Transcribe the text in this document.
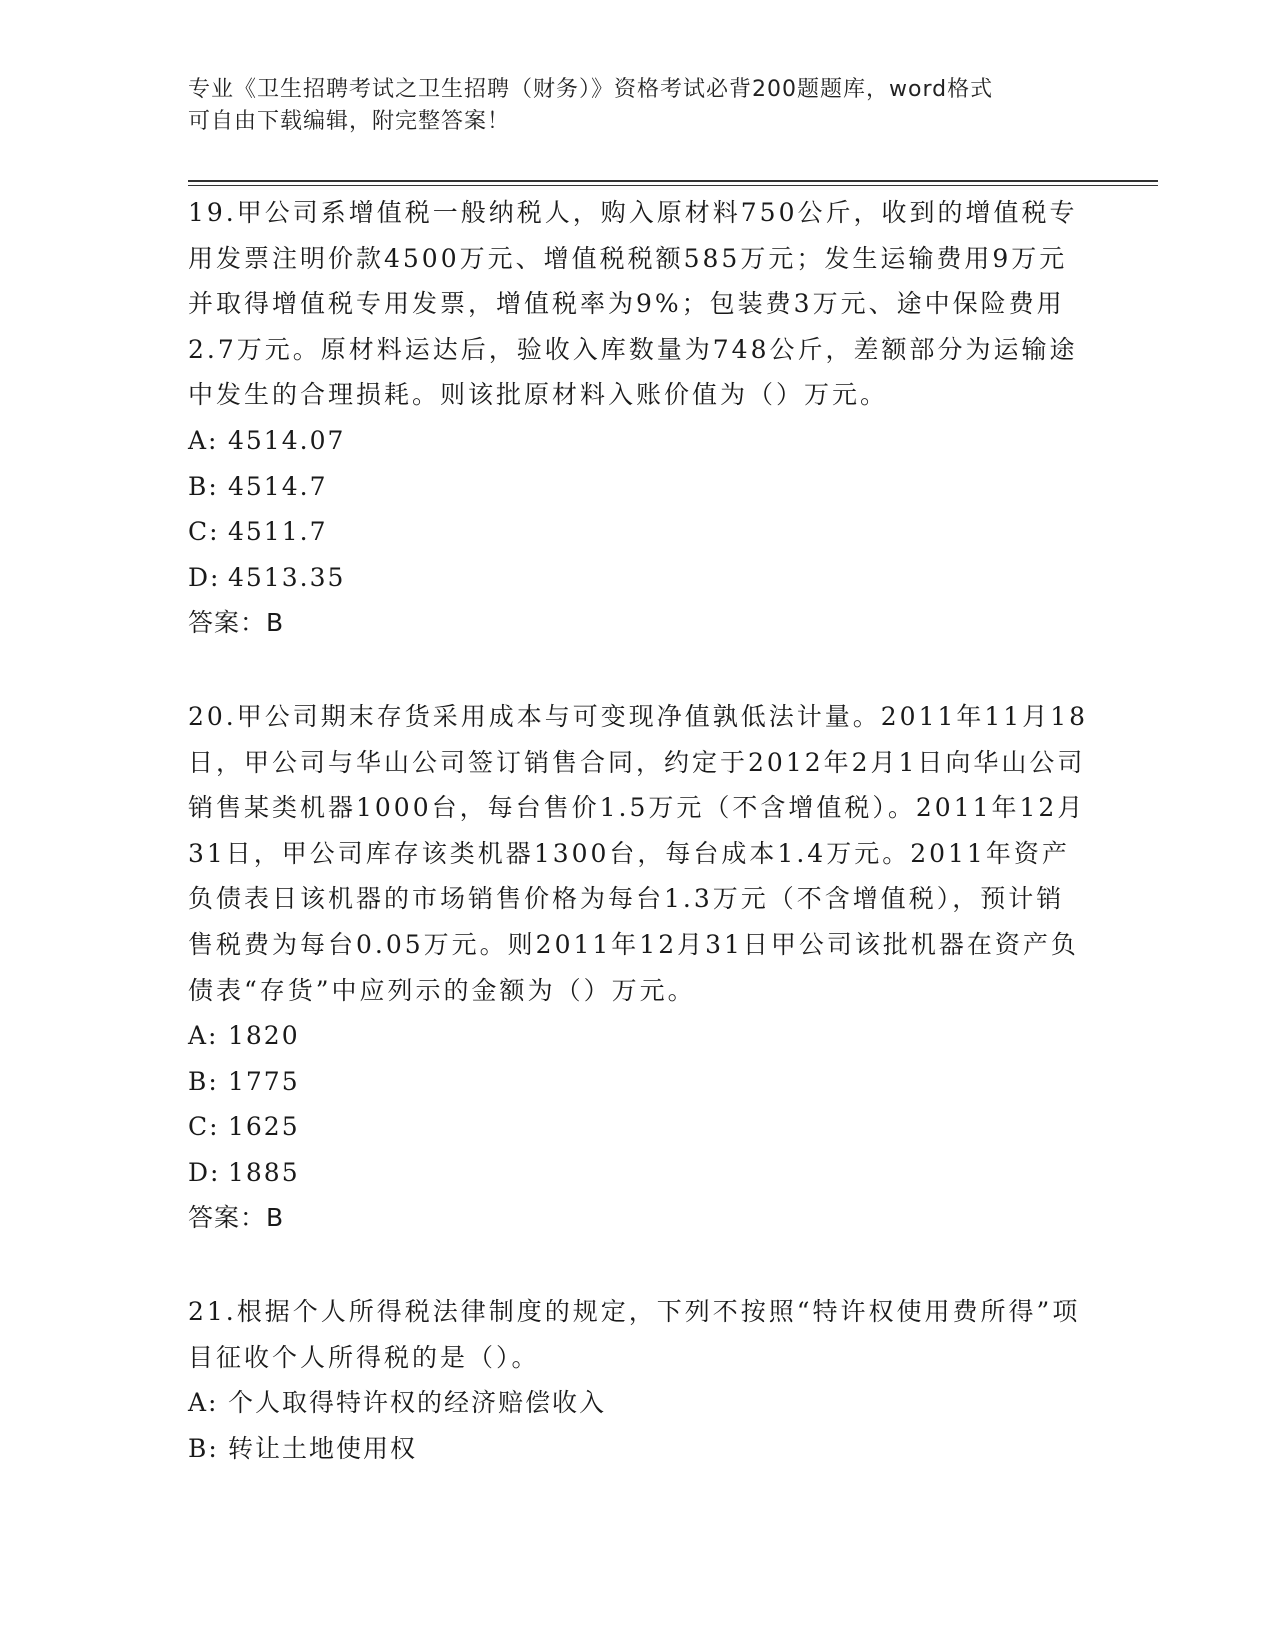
专业《卫生招聘考试之卫生招聘（财务）》资格考试必背200题题库，word格式
可自由下载编辑，附完整答案！

19.甲公司系增值税一般纳税人，购入原材料750公斤，收到的增值税专用发票注明价款4500万元、增值税税额585万元；发生运输费用9万元并取得增值税专用发票，增值税率为9%；包装费3万元、途中保险费用2.7万元。原材料运达后，验收入库数量为748公斤，差额部分为运输途中发生的合理损耗。则该批原材料入账价值为（）万元。

A: 4514.07

B: 4514.7

C: 4511.7

D: 4513.35

答案：B

20.甲公司期末存货采用成本与可变现净值孰低法计量。2011年11月18日，甲公司与华山公司签订销售合同，约定于2012年2月1日向华山公司销售某类机器1000台，每台售价1.5万元（不含增值税）。2011年12月31日，甲公司库存该类机器1300台，每台成本1.4万元。2011年资产负债表日该机器的市场销售价格为每台1.3万元（不含增值税），预计销售税费为每台0.05万元。则2011年12月31日甲公司该批机器在资产负债表“存货”中应列示的金额为（）万元。

A: 1820

B: 1775

C: 1625

D: 1885

答案：B

21.根据个人所得税法律制度的规定，下列不按照“特许权使用费所得”项目征收个人所得税的是（）。

A: 个人取得特许权的经济赔偿收入

B: 转让土地使用权
